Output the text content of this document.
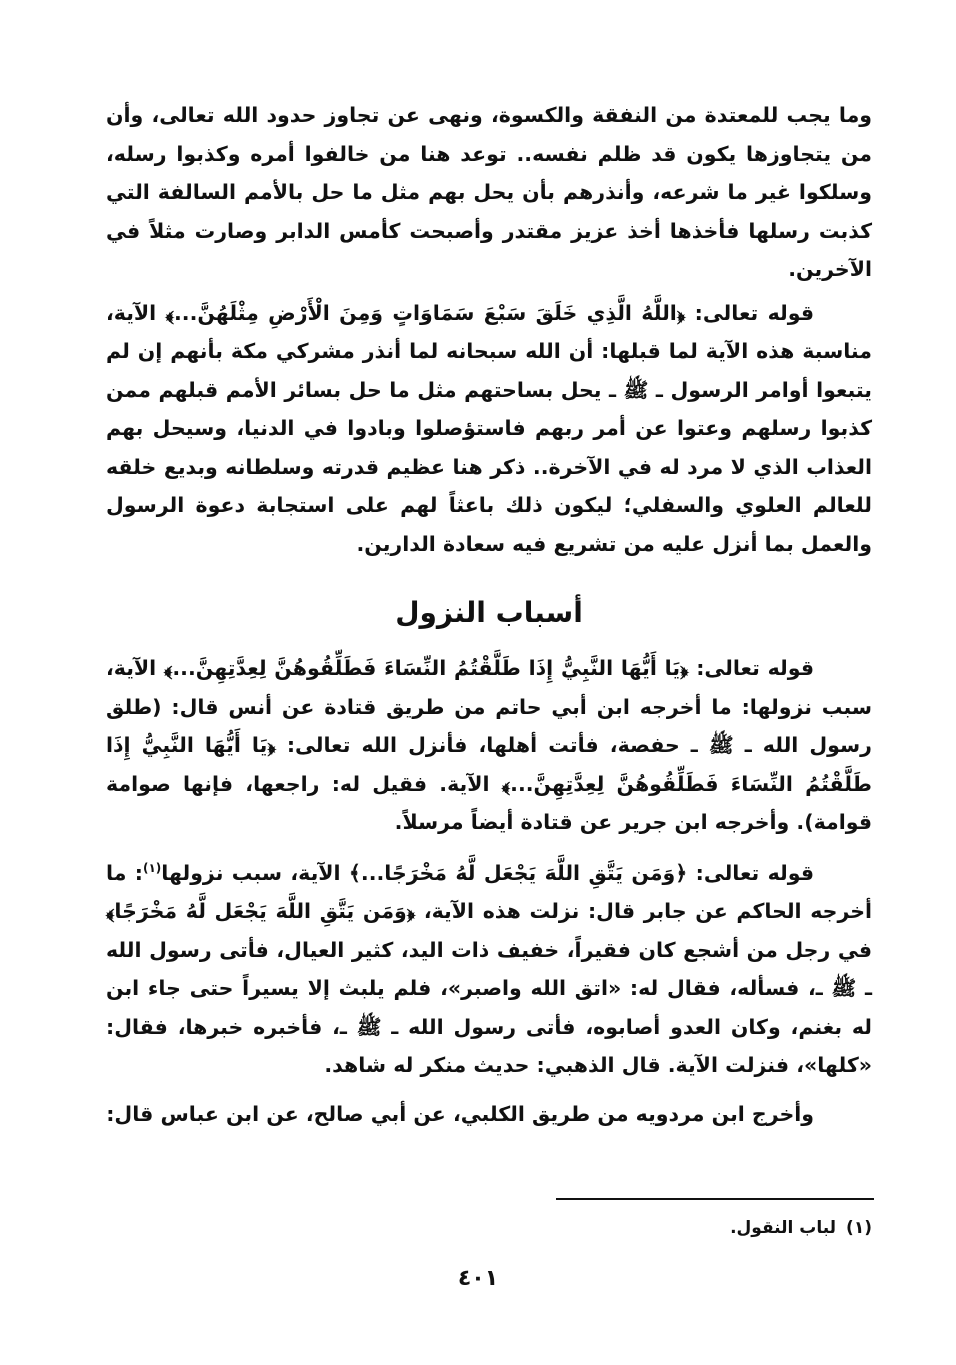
وما يجب للمعتدة من النفقة والكسوة، ونهى عن تجاوز حدود الله تعالى، وأن من يتجاوزها يكون قد ظلم نفسه.. توعد هنا من خالفوا أمره وكذبوا رسله، وسلكوا غير ما شرعه، وأنذرهم بأن يحل بهم مثل ما حل بالأمم السالفة التي كذبت رسلها فأخذها أخذ عزيز مقتدر وأصبحت كأمس الدابر وصارت مثلاً في الآخرين.

قوله تعالى: ﴿اللَّهُ الَّذِي خَلَقَ سَبْعَ سَمَاوَاتٍ وَمِنَ الْأَرْضِ مِثْلَهُنَّ...﴾ الآية، مناسبة هذه الآية لما قبلها: أن الله سبحانه لما أنذر مشركي مكة بأنهم إن لم يتبعوا أوامر الرسول ـ ﷺ ـ يحل بساحتهم مثل ما حل بسائر الأمم قبلهم ممن كذبوا رسلهم وعتوا عن أمر ربهم فاستؤصلوا وبادوا في الدنيا، وسيحل بهم العذاب الذي لا مرد له في الآخرة.. ذكر هنا عظيم قدرته وسلطانه وبديع خلقه للعالم العلوي والسفلي؛ ليكون ذلك باعثاً لهم على استجابة دعوة الرسول والعمل بما أنزل عليه من تشريع فيه سعادة الدارين.

أسباب النزول

قوله تعالى: ﴿يَا أَيُّهَا النَّبِيُّ إِذَا طَلَّقْتُمُ النِّسَاءَ فَطَلِّقُوهُنَّ لِعِدَّتِهِنَّ...﴾ الآية، سبب نزولها: ما أخرجه ابن أبي حاتم من طريق قتادة عن أنس قال: (طلق رسول الله ـ ﷺ ـ حفصة، فأتت أهلها، فأنزل الله تعالى: ﴿يَا أَيُّهَا النَّبِيُّ إِذَا طَلَّقْتُمُ النِّسَاءَ فَطَلِّقُوهُنَّ لِعِدَّتِهِنَّ...﴾ الآية. فقيل له: راجعها، فإنها صوامة قوامة). وأخرجه ابن جرير عن قتادة أيضاً مرسلاً.

قوله تعالى: ﴿وَمَن يَتَّقِ اللَّهَ يَجْعَل لَّهُ مَخْرَجًا...﴾ الآية، سبب نزولها$^{(١)}$: ما أخرجه الحاكم عن جابر قال: نزلت هذه الآية، ﴿وَمَن يَتَّقِ اللَّهَ يَجْعَل لَّهُ مَخْرَجًا﴾ في رجل من أشجع كان فقيراً، خفيف ذات اليد، كثير العيال، فأتى رسول الله ـ ﷺ ـ، فسأله، فقال له: «اتق الله واصبر»، فلم يلبث إلا يسيراً حتى جاء ابن له بغنم، وكان العدو أصابوه، فأتى رسول الله ـ ﷺ ـ، فأخبره خبرها، فقال: «كلها»، فنزلت الآية. قال الذهبي: حديث منكر له شاهد.

وأخرج ابن مردويه من طريق الكلبي، عن أبي صالح، عن ابن عباس قال:

(١)لباب النقول.
٤٠١
